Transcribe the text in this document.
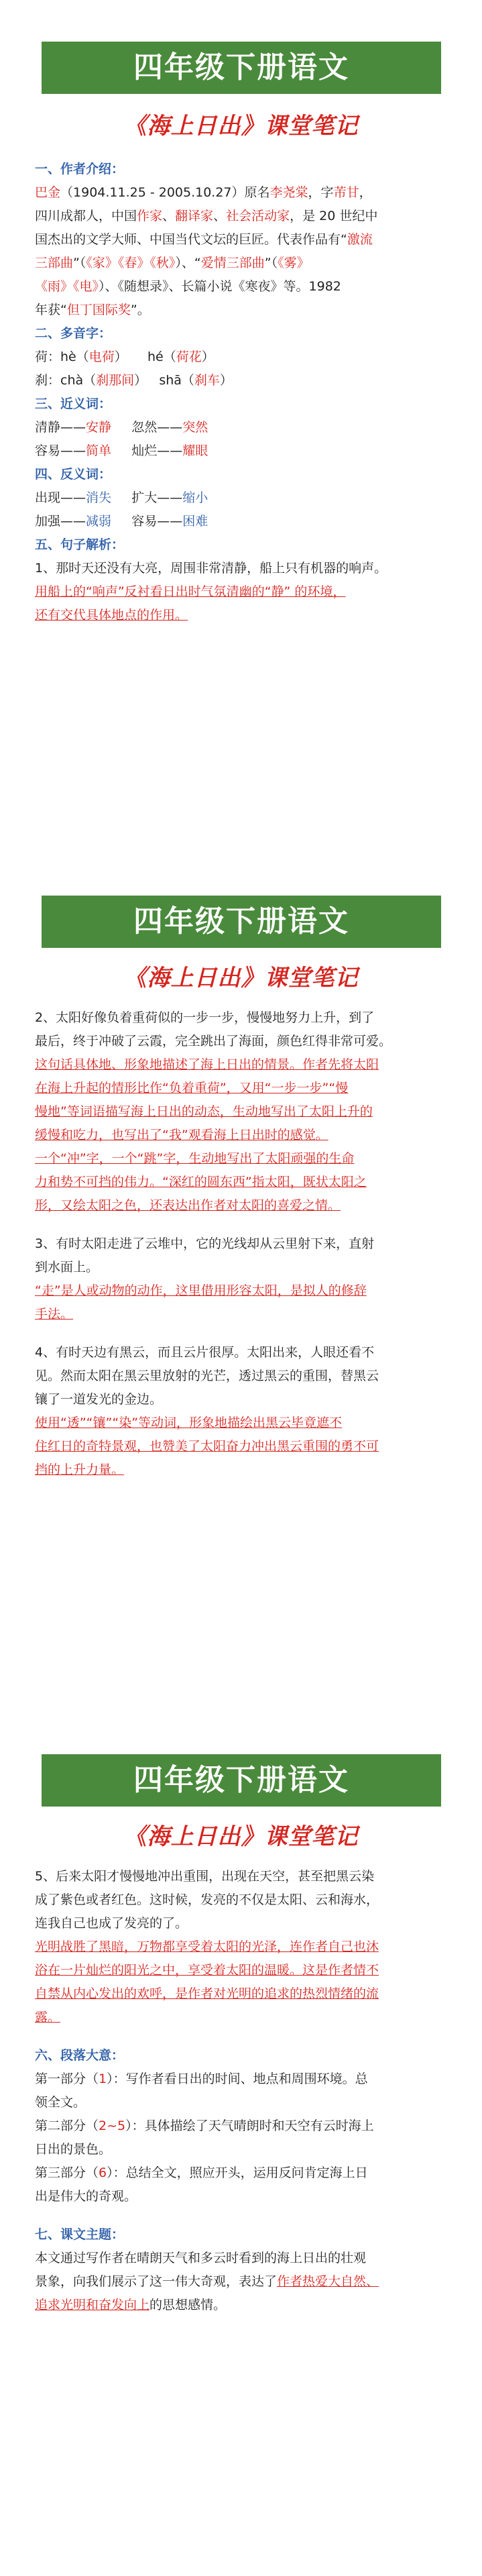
四年级下册语文
《海上日出》课堂笔记

一、作者介绍：

巴金（1904.11.25 - 2005.10.27）原名李尧棠，字芾甘，

四川成都人，中国作家、翻译家、社会活动家，是 20 世纪中

国杰出的文学大师、中国当代文坛的巨匠。代表作品有“激流

三部曲”（《家》《春》《秋》）、“爱情三部曲”（《雾》

《雨》《电》）、《随想录》、长篇小说《寒夜》等。1982

年获“但丁国际奖”。

二、多音字：

荷：hè（电荷） hé（荷花）

刹：chà（刹那间） shā（刹车）

三、近义词：

清静——安静 忽然——突然

容易——简单 灿烂——耀眼

四、反义词：

出现——消失 扩大——缩小

加强——减弱 容易——困难

五、句子解析：

1、那时天还没有大亮，周围非常清静，船上只有机器的响声。

用船上的“响声”反衬看日出时气氛清幽的“静” 的环境，

还有交代具体地点的作用。

四年级下册语文
《海上日出》课堂笔记

2、太阳好像负着重荷似的一步一步，慢慢地努力上升，到了

最后，终于冲破了云霞，完全跳出了海面，颜色红得非常可爱。

这句话具体地、形象地描述了海上日出的情景。作者先将太阳

在海上升起的情形比作“负着重荷”，又用“一步一步”“慢

慢地”等词语描写海上日出的动态，生动地写出了太阳上升的

缓慢和吃力，也写出了“我”观看海上日出时的感觉。

一个“冲”字，一个“跳”字，生动地写出了太阳顽强的生命

力和势不可挡的伟力。“深红的圆东西”指太阳，既状太阳之

形，又绘太阳之色，还表达出作者对太阳的喜爱之情。

3、有时太阳走进了云堆中，它的光线却从云里射下来，直射

到水面上。

“走”是人或动物的动作，这里借用形容太阳，是拟人的修辞

手法。

4、有时天边有黑云，而且云片很厚。太阳出来，人眼还看不

见。然而太阳在黑云里放射的光芒，透过黑云的重围，替黑云

镶了一道发光的金边。

使用“透”“镶”“染”等动词，形象地描绘出黑云毕竟遮不

住红日的奇特景观，也赞美了太阳奋力冲出黑云重围的勇不可

挡的上升力量。

四年级下册语文
《海上日出》课堂笔记

5、后来太阳才慢慢地冲出重围，出现在天空，甚至把黑云染

成了紫色或者红色。这时候，发亮的不仅是太阳、云和海水，

连我自己也成了发亮的了。

光明战胜了黑暗，万物都享受着太阳的光泽，连作者自己也沐

浴在一片灿烂的阳光之中，享受着太阳的温暖。这是作者情不

自禁从内心发出的欢呼，是作者对光明的追求的热烈情绪的流

露。

六、段落大意：

第一部分（1）：写作者看日出的时间、地点和周围环境。总

领全文。

第二部分（2~5）：具体描绘了天气晴朗时和天空有云时海上

日出的景色。

第三部分（6）：总结全文，照应开头，运用反问肯定海上日

出是伟大的奇观。

七、课文主题：

本文通过写作者在晴朗天气和多云时看到的海上日出的壮观

景象，向我们展示了这一伟大奇观，表达了作者热爱大自然、

追求光明和奋发向上的思想感情。
